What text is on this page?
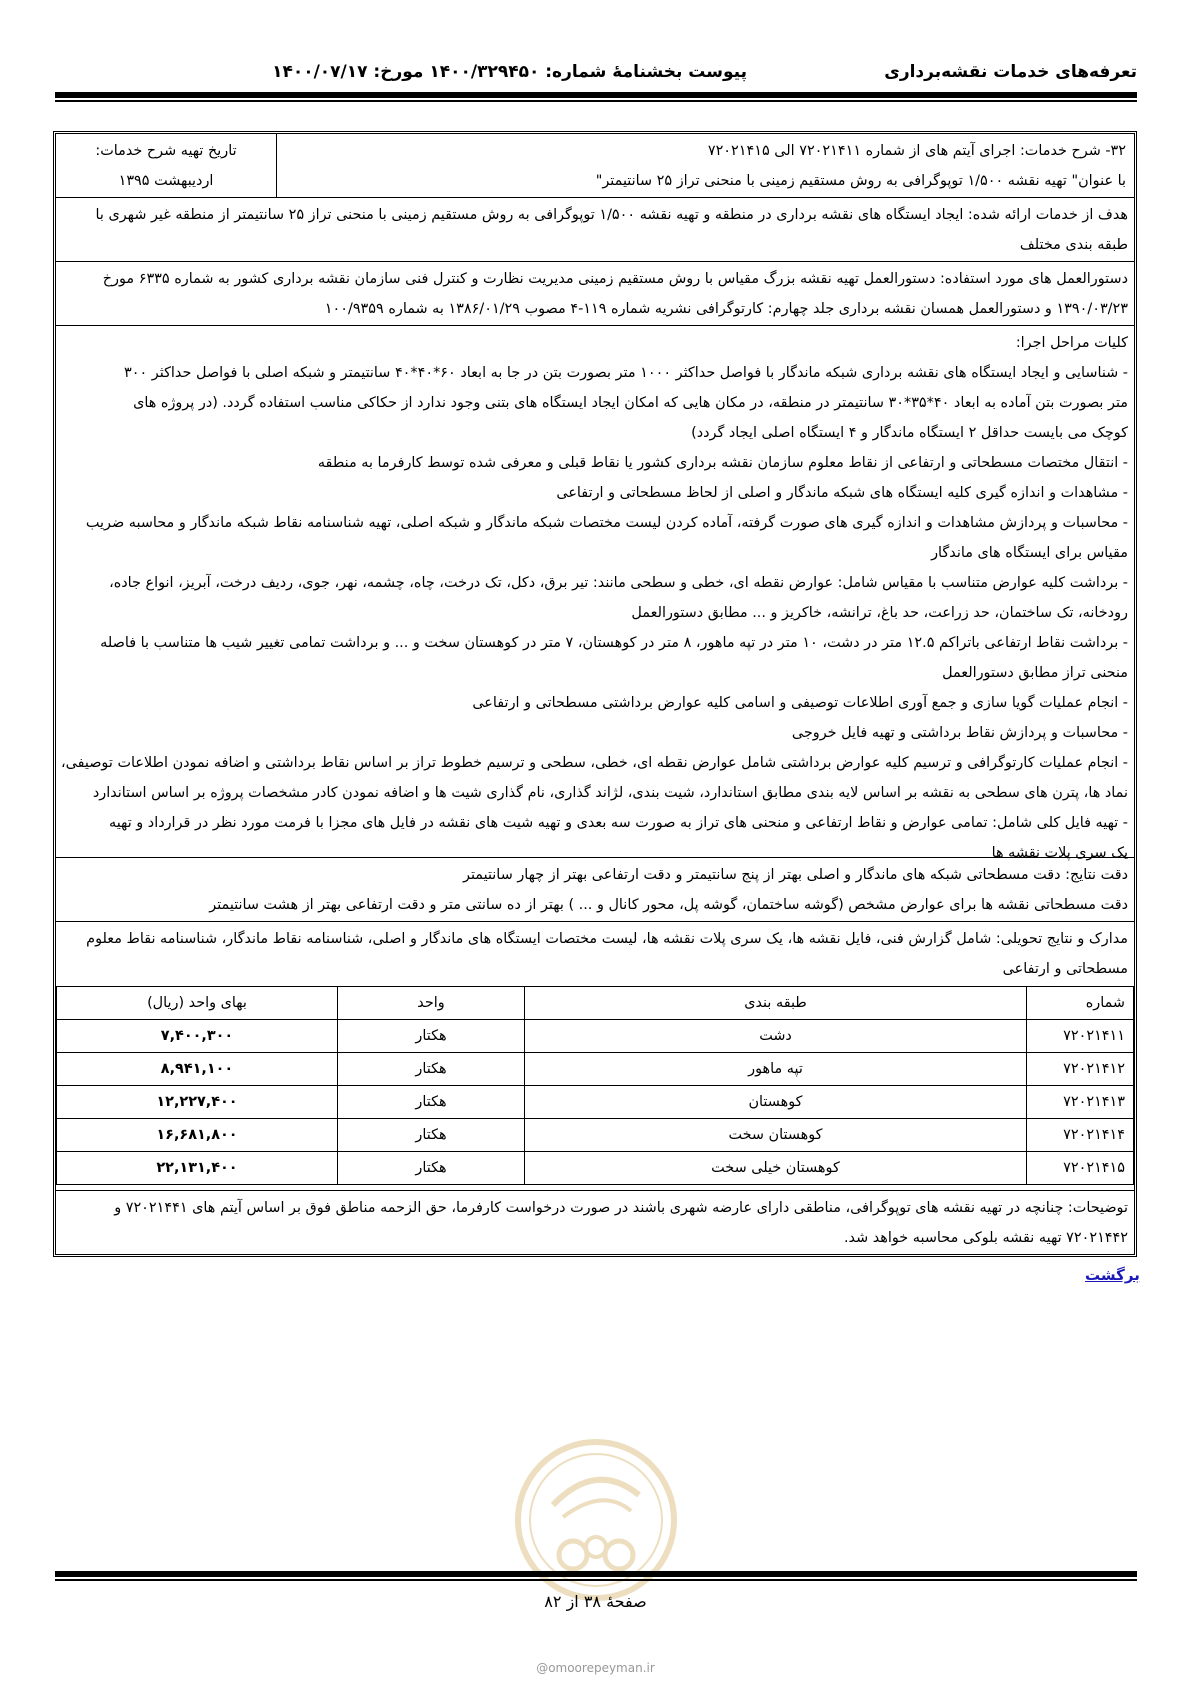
تعرفه‌های خدمات نقشه‌برداری
پیوست بخشنامهٔ شماره: ۱۴۰۰/۳۲۹۴۵۰ مورخ: ۱۴۰۰/۰۷/۱۷
۳۲- شرح خدمات: اجرای آیتم های از شماره ۷۲۰۲۱۴۱۱ الی ۷۲۰۲۱۴۱۵
با عنوان" تهیه نقشه ۱/۵۰۰ توپوگرافی به روش مستقیم زمینی با منحنی تراز ۲۵ سانتیمتر"
تاریخ تهیه شرح خدمات:
اردیبهشت ۱۳۹۵
هدف از خدمات ارائه شده: ایجاد ایستگاه های نقشه برداری در منطقه و تهیه نقشه ۱/۵۰۰ توپوگرافی به روش مستقیم زمینی با منحنی تراز ۲۵ سانتیمتر از منطقه غیر شهری با
طبقه بندی مختلف
دستورالعمل های مورد استفاده: دستورالعمل تهیه نقشه بزرگ مقیاس با روش مستقیم زمینی مدیریت نظارت و کنترل فنی سازمان نقشه برداری کشور به شماره ۶۳۳۵ مورخ
۱۳۹۰/۰۳/۲۳ و دستورالعمل همسان نقشه برداری جلد چهارم: کارتوگرافی نشریه شماره ۱۱۹-۴ مصوب ۱۳۸۶/۰۱/۲۹ به شماره ۱۰۰/۹۳۵۹
کلیات مراحل اجرا:
- شناسایی و ایجاد ایستگاه های نقشه برداری شبکه ماندگار با فواصل حداکثر ۱۰۰۰ متر بصورت بتن در جا به ابعاد ۶۰*۴۰*۴۰ سانتیمتر و شبکه اصلی با فواصل حداکثر ۳۰۰
متر بصورت بتن آماده به ابعاد ۴۰*۳۵*۳۰ سانتیمتر در منطقه، در مکان هایی که امکان ایجاد ایستگاه های بتنی وجود ندارد از حکاکی مناسب استفاده گردد. (در پروژه های
کوچک می بایست حداقل ۲ ایستگاه ماندگار و ۴ ایستگاه اصلی ایجاد گردد)
- انتقال مختصات مسطحاتی و ارتفاعی از نقاط معلوم سازمان نقشه برداری کشور یا نقاط قبلی و معرفی شده توسط کارفرما به منطقه
- مشاهدات و اندازه گیری کلیه ایستگاه های شبکه ماندگار و اصلی از لحاظ مسطحاتی و ارتفاعی
- محاسبات و پردازش مشاهدات و اندازه گیری های صورت گرفته، آماده کردن لیست مختصات شبکه ماندگار و شبکه اصلی، تهیه شناسنامه نقاط شبکه ماندگار و محاسبه ضریب
مقیاس برای ایستگاه های ماندگار
- برداشت کلیه عوارض متناسب با مقیاس شامل: عوارض نقطه ای، خطی و سطحی مانند: تیر برق، دکل، تک درخت، چاه، چشمه، نهر، جوی، ردیف درخت، آبریز، انواع جاده،
رودخانه، تک ساختمان، حد زراعت، حد باغ، ترانشه، خاکریز و ... مطابق دستورالعمل
- برداشت نقاط ارتفاعی باتراکم ۱۲.۵ متر در دشت، ۱۰ متر در تپه ماهور، ۸ متر در کوهستان، ۷ متر در کوهستان سخت و ... و برداشت تمامی تغییر شیب ها متناسب با فاصله
منحنی تراز مطابق دستورالعمل
- انجام عملیات گویا سازی و جمع آوری اطلاعات توصیفی و اسامی کلیه عوارض برداشتی مسطحاتی و ارتفاعی
- محاسبات و پردازش نقاط برداشتی و تهیه فایل خروجی
- انجام عملیات کارتوگرافی و ترسیم کلیه عوارض برداشتی شامل عوارض نقطه ای، خطی، سطحی و ترسیم خطوط تراز بر اساس نقاط برداشتی و اضافه نمودن اطلاعات توصیفی،
نماد ها، پترن های سطحی به نقشه بر اساس لایه بندی مطابق استاندارد، شیت بندی، لژاند گذاری، نام گذاری شیت ها و اضافه نمودن کادر مشخصات پروژه بر اساس استاندارد
- تهیه فایل کلی شامل: تمامی عوارض و نقاط ارتفاعی و منحنی های تراز به صورت سه بعدی و تهیه شیت های نقشه در فایل های مجزا با فرمت مورد نظر در قرارداد و تهیه
یک سری پلات نقشه ها
دقت نتایج: دقت مسطحاتی شبکه های ماندگار و اصلی بهتر از پنج سانتیمتر و دقت ارتفاعی بهتر از چهار سانتیمتر
دقت مسطحاتی نقشه ها برای عوارض مشخص (گوشه ساختمان، گوشه پل، محور کانال و ... ) بهتر از ده سانتی متر و دقت ارتفاعی بهتر از هشت سانتیمتر
مدارک و نتایج تحویلی: شامل گزارش فنی، فایل نقشه ها، یک سری پلات نقشه ها، لیست مختصات ایستگاه های ماندگار و اصلی، شناسنامه نقاط ماندگار، شناسنامه نقاط معلوم
مسطحاتی و ارتفاعی
شماره	طبقه بندی	واحد	بهای واحد (ریال)
۷۲۰۲۱۴۱۱	دشت	هکتار	۷,۴۰۰,۳۰۰
۷۲۰۲۱۴۱۲	تپه ماهور	هکتار	۸,۹۴۱,۱۰۰
۷۲۰۲۱۴۱۳	کوهستان	هکتار	۱۲,۲۲۷,۴۰۰
۷۲۰۲۱۴۱۴	کوهستان سخت	هکتار	۱۶,۶۸۱,۸۰۰
۷۲۰۲۱۴۱۵	کوهستان خیلی سخت	هکتار	۲۲,۱۳۱,۴۰۰
توضیحات: چنانچه در تهیه نقشه های توپوگرافی، مناطقی دارای عارضه شهری باشند در صورت درخواست کارفرما، حق الزحمه مناطق فوق بر اساس آیتم های ۷۲۰۲۱۴۴۱ و
۷۲۰۲۱۴۴۲ تهیه نقشه بلوکی محاسبه خواهد شد.
برگشت
صفحهٔ ۳۸ از ۸۲
@omoorepeyman.ir
